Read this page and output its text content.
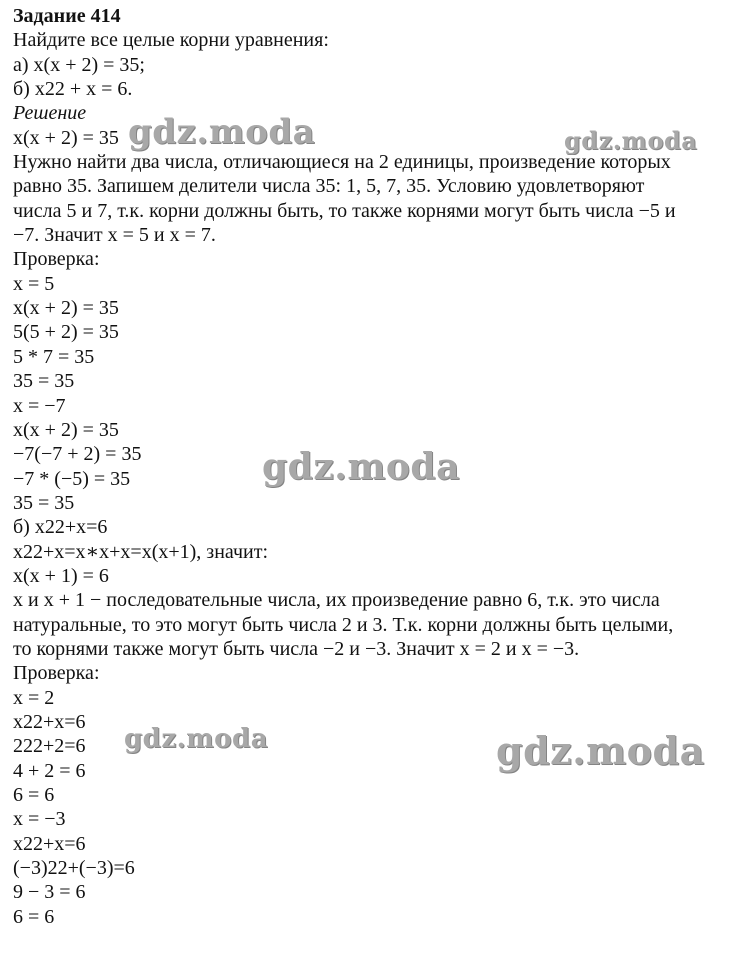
Задание 414
Найдите все целые корни уравнения:
а) x(x + 2) = 35;
б) x22 + x = 6.
Решение
x(x + 2) = 35
Нужно найти два числа, отличающиеся на 2 единицы, произведение которых
равно 35. Запишем делители числа 35: 1, 5, 7, 35. Условию удовлетворяют
числа 5 и 7, т.к. корни должны быть, то также корнями могут быть числа −5 и
−7. Значит x = 5 и x = 7.
Проверка:
x = 5
x(x + 2) = 35
5(5 + 2) = 35
5 * 7 = 35
35 = 35
x = −7
x(x + 2) = 35
−7(−7 + 2) = 35
−7 * (−5) = 35
35 = 35
б) x22+x=6
x22+x=x∗x+x=x(x+1), значит:
x(x + 1) = 6
x и x + 1 − последовательные числа, их произведение равно 6, т.к. это числа
натуральные, то это могут быть числа 2 и 3. Т.к. корни должны быть целыми,
то корнями также могут быть числа −2 и −3. Значит x = 2 и x = −3.
Проверка:
x = 2
x22+x=6
222+2=6
4 + 2 = 6
6 = 6
x = −3
x22+x=6
(−3)22+(−3)=6
9 − 3 = 6
6 = 6
gdz.moda	gdz.moda
gdz.moda
gdz.moda	gdz.moda
